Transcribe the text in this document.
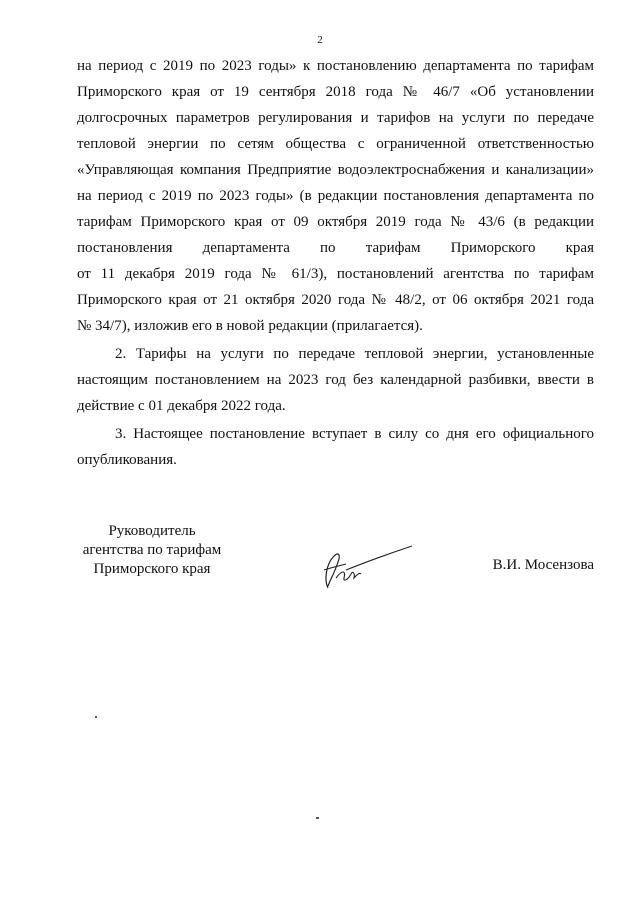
2
на период с 2019 по 2023 годы» к постановлению департамента по тарифам
Приморского края от 19 сентября 2018 года № 46/7 «Об установлении
долгосрочных параметров регулирования и тарифов на услуги по передаче
тепловой энергии по сетям общества с ограниченной ответственностью
«Управляющая компания Предприятие водоэлектроснабжения и канализации»
на период с 2019 по 2023 годы» (в редакции постановления департамента по
тарифам Приморского края от 09 октября 2019 года № 43/6 (в редакции
постановления департамента по тарифам Приморского края
от 11 декабря 2019 года № 61/3), постановлений агентства по тарифам
Приморского края от 21 октября 2020 года № 48/2, от 06 октября 2021 года
№ 34/7), изложив его в новой редакции (прилагается).
2. Тарифы на услуги по передаче тепловой энергии, установленные
настоящим постановлением на 2023 год без календарной разбивки, ввести в
действие с 01 декабря 2022 года.
3. Настоящее постановление вступает в силу со дня его официального
опубликования.
Руководитель
агентства по тарифам
Приморского края	В.И. Мосензова
